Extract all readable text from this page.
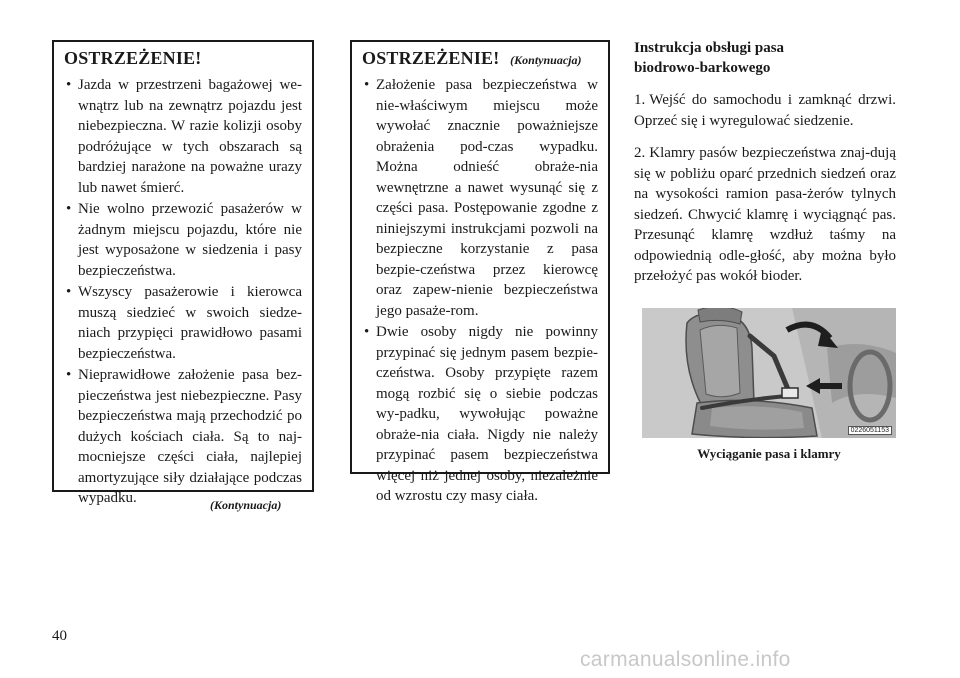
OSTRZEŻENIE!
• Jazda w przestrzeni bagażowej we-wnątrz lub na zewnątrz pojazdu jest niebezpieczna. W razie kolizji osoby podróżujące w tych obszarach są bardziej narażone na poważne urazy lub nawet śmierć.
• Nie wolno przewozić pasażerów w żadnym miejscu pojazdu, które nie jest wyposażone w siedzenia i pasy bezpieczeństwa.
• Wszyscy pasażerowie i kierowca muszą siedzieć w swoich siedze-niach przypięci prawidłowo pasami bezpieczeństwa.
• Nieprawidłowe założenie pasa bez-pieczeństwa jest niebezpieczne. Pasy bezpieczeństwa mają przechodzić po dużych kościach ciała. Są to naj-mocniejsze części ciała, najlepiej amortyzujące siły działające podczas wypadku.	(Kontynuacja)
OSTRZEŻENIE! (Kontynuacja)
• Założenie pasa bezpieczeństwa w nie-właściwym miejscu może wywołać znacznie poważniejsze obrażenia pod-czas wypadku. Można odnieść obraże-nia wewnętrzne a nawet wysunąć się z części pasa. Postępowanie zgodne z niniejszymi instrukcjami pozwoli na bezpieczne korzystanie z pasa bezpie-czeństwa przez kierowcę oraz zapew-nienie bezpieczeństwa jego pasaże-rom.
• Dwie osoby nigdy nie powinny przypinać się jednym pasem bezpie-czeństwa. Osoby przypięte razem mogą rozbić się o siebie podczas wy-padku, wywołując poważne obraże-nia ciała. Nigdy nie należy przypinać pasem bezpieczeństwa więcej niż jednej osoby, niezależnie od wzrostu czy masy ciała.
Instrukcja obsługi pasa
biodrowo-barkowego

1. Wejść do samochodu i zamknąć drzwi. Oprzeć się i wyregulować siedzenie.

2. Klamry pasów bezpieczeństwa znaj-dują się w pobliżu oparć przednich siedzeń oraz na wysokości ramion pasa-żerów tylnych siedzeń. Chwycić klamrę i wyciągnąć pas. Przesunąć klamrę wzdłuż taśmy na odpowiednią odle-głość, aby można było przełożyć pas wokół bioder.

0226051153
Wyciąganie pasa i klamry
40
carmanualsonline.info
